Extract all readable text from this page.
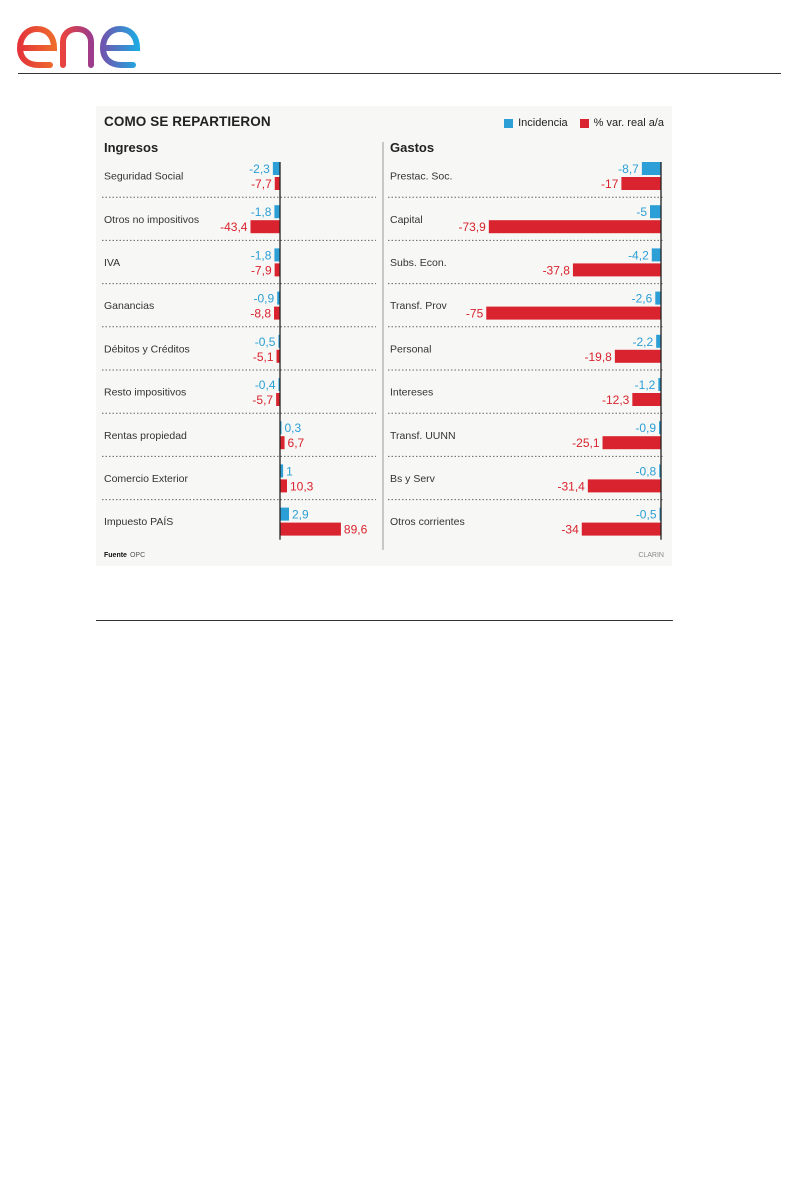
Ingresos
Seguridad Social
-2,3
-7,7
Otros no impositivos
-1,8
-43,4
IVA
-1,8
-7,9
Ganancias
-0,9
-8,8
Débitos y Créditos
-0,5
-5,1
Resto impositivos
-0,4
-5,7
Rentas propiedad
0,3
6,7
Comercio Exterior
1
10,3
Impuesto PAÍS
2,9
89,6
Gastos
Prestac. Soc.
-8,7
-17
Capital
-5
-73,9
Subs. Econ.
-4,2
-37,8
Transf. Prov
-2,6
-75
Personal
-2,2
-19,8
Intereses
-1,2
-12,3
Transf. UUNN
-0,9
-25,1
Bs y Serv
-0,8
-31,4
Otros corrientes
-0,5
-34
COMO SE REPARTIERON	Incidencia % var. real a/a
Fuente OPC	CLARIN
